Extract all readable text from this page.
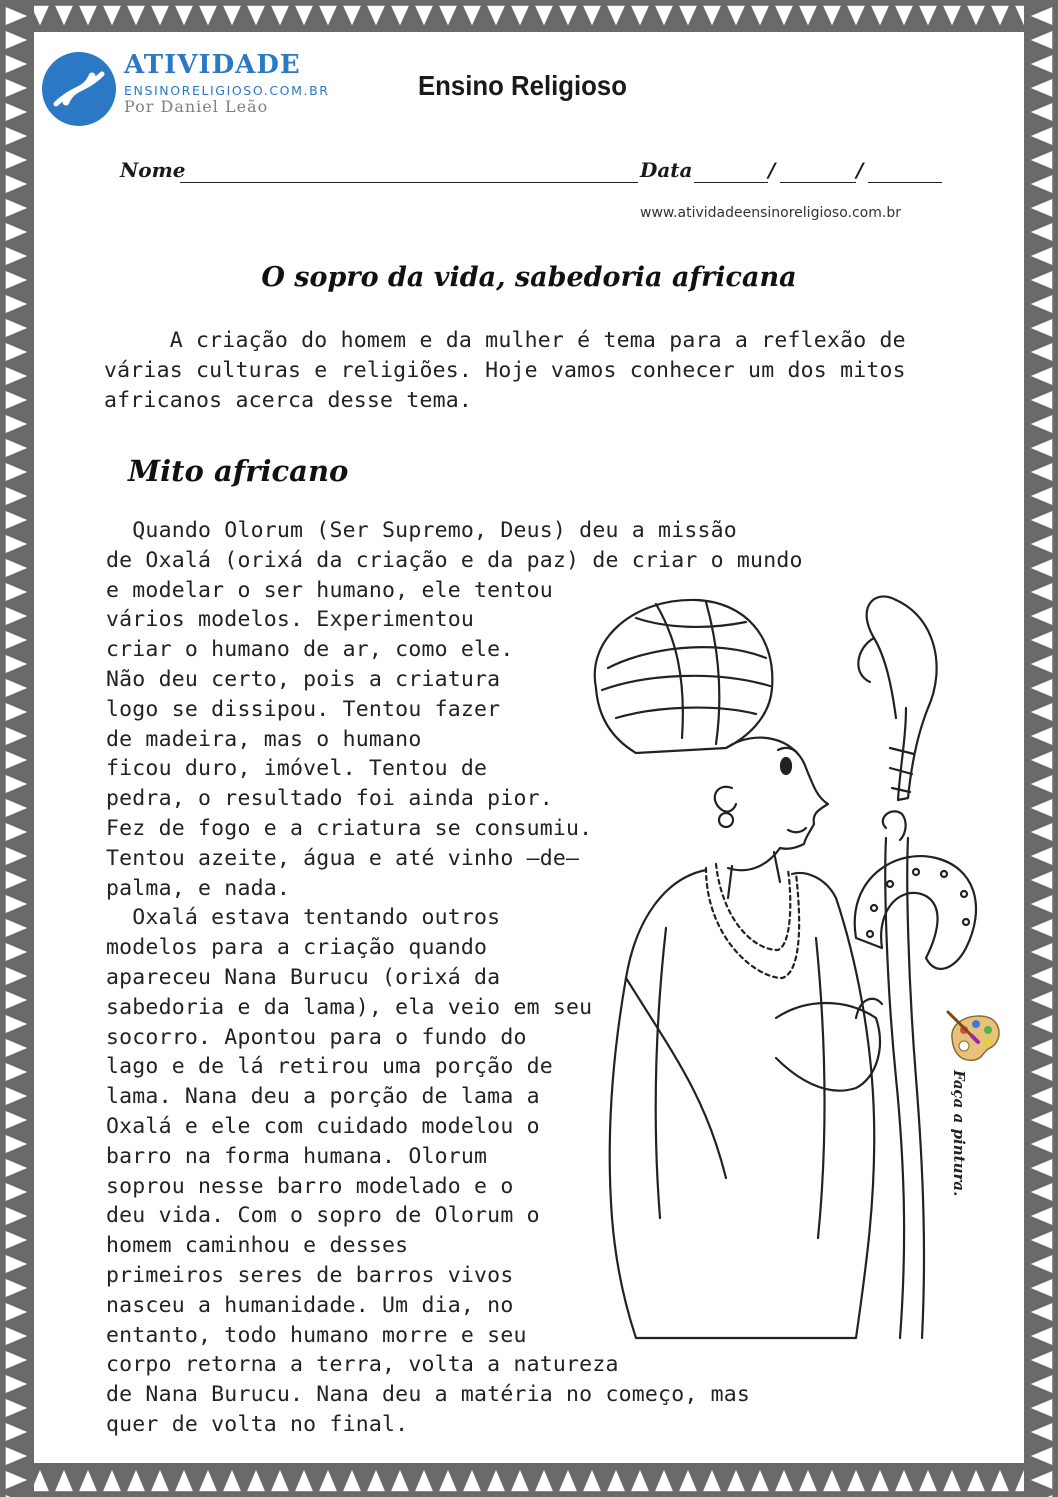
ATIVIDADE
ENSINORELIGIOSO.COM.BR
Por Daniel Leão
Ensino Religioso
Nome	Data	/	/
www.atividadeensinoreligioso.com.br
O sopro da vida, sabedoria africana
A criação do homem e da mulher é tema para a reflexão de
várias culturas e religiões. Hoje vamos conhecer um dos mitos
africanos acerca desse tema.
Mito africano
Quando Olorum (Ser Supremo, Deus) deu a missão
de Oxalá (orixá da criação e da paz) de criar o mundo
e modelar o ser humano, ele tentou
vários modelos. Experimentou
criar o humano de ar, como ele.
Não deu certo, pois a criatura
logo se dissipou. Tentou fazer
de madeira, mas o humano
ficou duro, imóvel. Tentou de
pedra, o resultado foi ainda pior.
Fez de fogo e a criatura se consumiu.
Tentou azeite, água e até vinho –de–
palma, e nada.
Oxalá estava tentando outros
modelos para a criação quando
apareceu Nana Burucu (orixá da
sabedoria e da lama), ela veio em seu
socorro. Apontou para o fundo do
lago e de lá retirou uma porção de
lama. Nana deu a porção de lama a
Oxalá e ele com cuidado modelou o
barro na forma humana. Olorum
soprou nesse barro modelado e o
deu vida. Com o sopro de Olorum o
homem caminhou e desses
primeiros seres de barros vivos
nasceu a humanidade. Um dia, no
entanto, todo humano morre e seu
corpo retorna a terra, volta a natureza
de Nana Burucu. Nana deu a matéria no começo, mas
quer de volta no final.
Faça a pintura.
